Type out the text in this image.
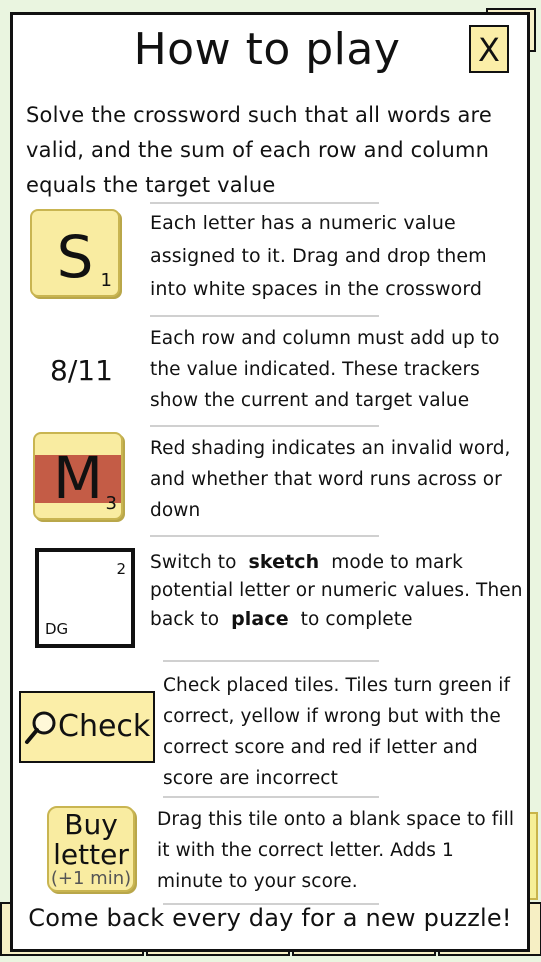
How to play	X

Solve the crossword such that all words are valid, and the sum of each row and column equals the target value

S 1
Each letter has a numeric value assigned to it. Drag and drop them into white spaces in the crossword
8/11
Each row and column must add up to the value indicated. These trackers show the current and target value
M 3
Red shading indicates an invalid word, and whether that word runs across or down
2
DG
Switch to sketch mode to mark potential letter or numeric values. Then back to place to complete
Check
Check placed tiles. Tiles turn green if correct, yellow if wrong but with the correct score and red if letter and score are incorrect
Buy
letter
(+1 min)
Drag this tile onto a blank space to fill it with the correct letter. Adds 1 minute to your score.
Come back every day for a new puzzle!
